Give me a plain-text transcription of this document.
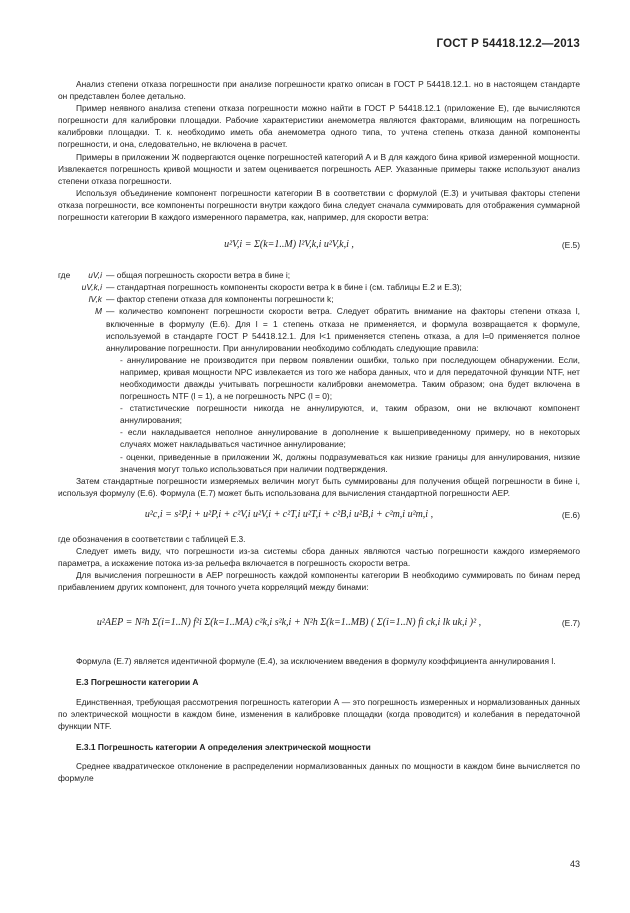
ГОСТ Р 54418.12.2—2013

Анализ степени отказа погрешности при анализе погрешности кратко описан в ГОСТ Р 54418.12.1. но в настоящем стандарте он представлен более детально.

Пример неявного анализа степени отказа погрешности можно найти в ГОСТ Р 54418.12.1 (приложение Е), где вычисляются погрешности для калибровки площадки. Рабочие характеристики анемометра являются факторами, влияющим на погрешность калибровки площадки. Т. к. необходимо иметь оба анемометра одного типа, то учтена степень отказа данной компоненты погрешности, и она, следовательно, не включена в расчет.

Примеры в приложении Ж подвергаются оценке погрешностей категорий А и В для каждого бина кривой измеренной мощности. Извлекается погрешность кривой мощности и затем оценивается погрешность AEP. Указанные примеры также используют анализ степени отказа погрешности.

Используя объединение компонент погрешности категории В в соответствии с формулой (Е.3) и учитывая факторы степени отказа погрешности, все компоненты погрешности внутри каждого бина следует сначала суммировать для отображения суммарной погрешности категории В каждого измеренного параметра, как, например, для скорости ветра:

u²V,i = Σ(k=1..M) l²V,k,i u²V,k,i ,	(Е.5)
где	uV,i — общая погрешность скорости ветра в бине i;
uV,k,i — стандартная погрешность компоненты скорости ветра k в бине i (см. таблицы Е.2 и Е.3);
lV,k — фактор степени отказа для компоненты погрешности k;
M — количество компонент погрешности скорости ветра. Следует обратить внимание на факторы степени отказа l, включенные в формулу (Е.6). Для l = 1 степень отказа не применяется, и формула возвращается к формуле, используемой в стандарте ГОСТ Р 54418.12.1. Для l<1 применяется степень отказа, а для l=0 применяется полное аннулирование погрешности. При аннулировании необходимо соблюдать следующие правила:

- аннулирование не производится при первом появлении ошибки, только при последующем обнаружении. Если, например, кривая мощности NPC извлекается из того же набора данных, что и для передаточной функции NTF, нет необходимости дважды учитывать погрешности калибровки анемометра. Таким образом; она будет включена в погрешность NTF (l = 1), а не погрешность NPC (l = 0);

- статистические погрешности никогда не аннулируются, и, таким образом, они не включают компонент аннулирования;

- если накладывается неполное аннулирование в дополнение к вышеприведенному примеру, но в некоторых случаях может накладываться частичное аннулирование;

- оценки, приведенные в приложении Ж, должны подразумеваться как низкие границы для аннулирования, низкие значения могут только использоваться при наличии подтверждения.

Затем стандартные погрешности измеряемых величин могут быть суммированы для получения общей погрешности в бине i, используя формулу (Е.6). Формула (Е.7) может быть использована для вычисления стандартной погрешности AEP.

u²c,i = s²P,i + u²P,i + c²V,i u²V,i + c²T,i u²T,i + c²B,i u²B,i + c²m,i u²m,i ,	(Е.6)

где обозначения в соответствии с таблицей Е.3.

Следует иметь виду, что погрешности из-за системы сбора данных являются частью погрешности каждого измеряемого параметра, а искажение потока из-за рельефа включается в погрешность скорости ветра.

Для вычисления погрешности в AEP погрешность каждой компоненты категории В необходимо суммировать по бинам перед прибавлением других компонент, для точного учета корреляций между бинами:

u²AEP = N²h Σ(i=1..N) f²i Σ(k=1..MA) c²k,i s²k,i + N²h Σ(k=1..MB) ( Σ(i=1..N) fi ck,i lk uk,i )² ,	(Е.7)

Формула (Е.7) является идентичной формуле (Е.4), за исключением введения в формулу коэффициента аннулирования l.

Е.3 Погрешности категории А

Единственная, требующая рассмотрения погрешность категории А — это погрешность измеренных и нормализованных данных по электрической мощности в каждом бине, изменения в калибровке площадки (когда проводится) и колебания в передаточной функции NTF.

Е.3.1 Погрешность категории А определения электрической мощности

Среднее квадратическое отклонение в распределении нормализованных данных по мощности в каждом бине вычисляется по формуле

43
